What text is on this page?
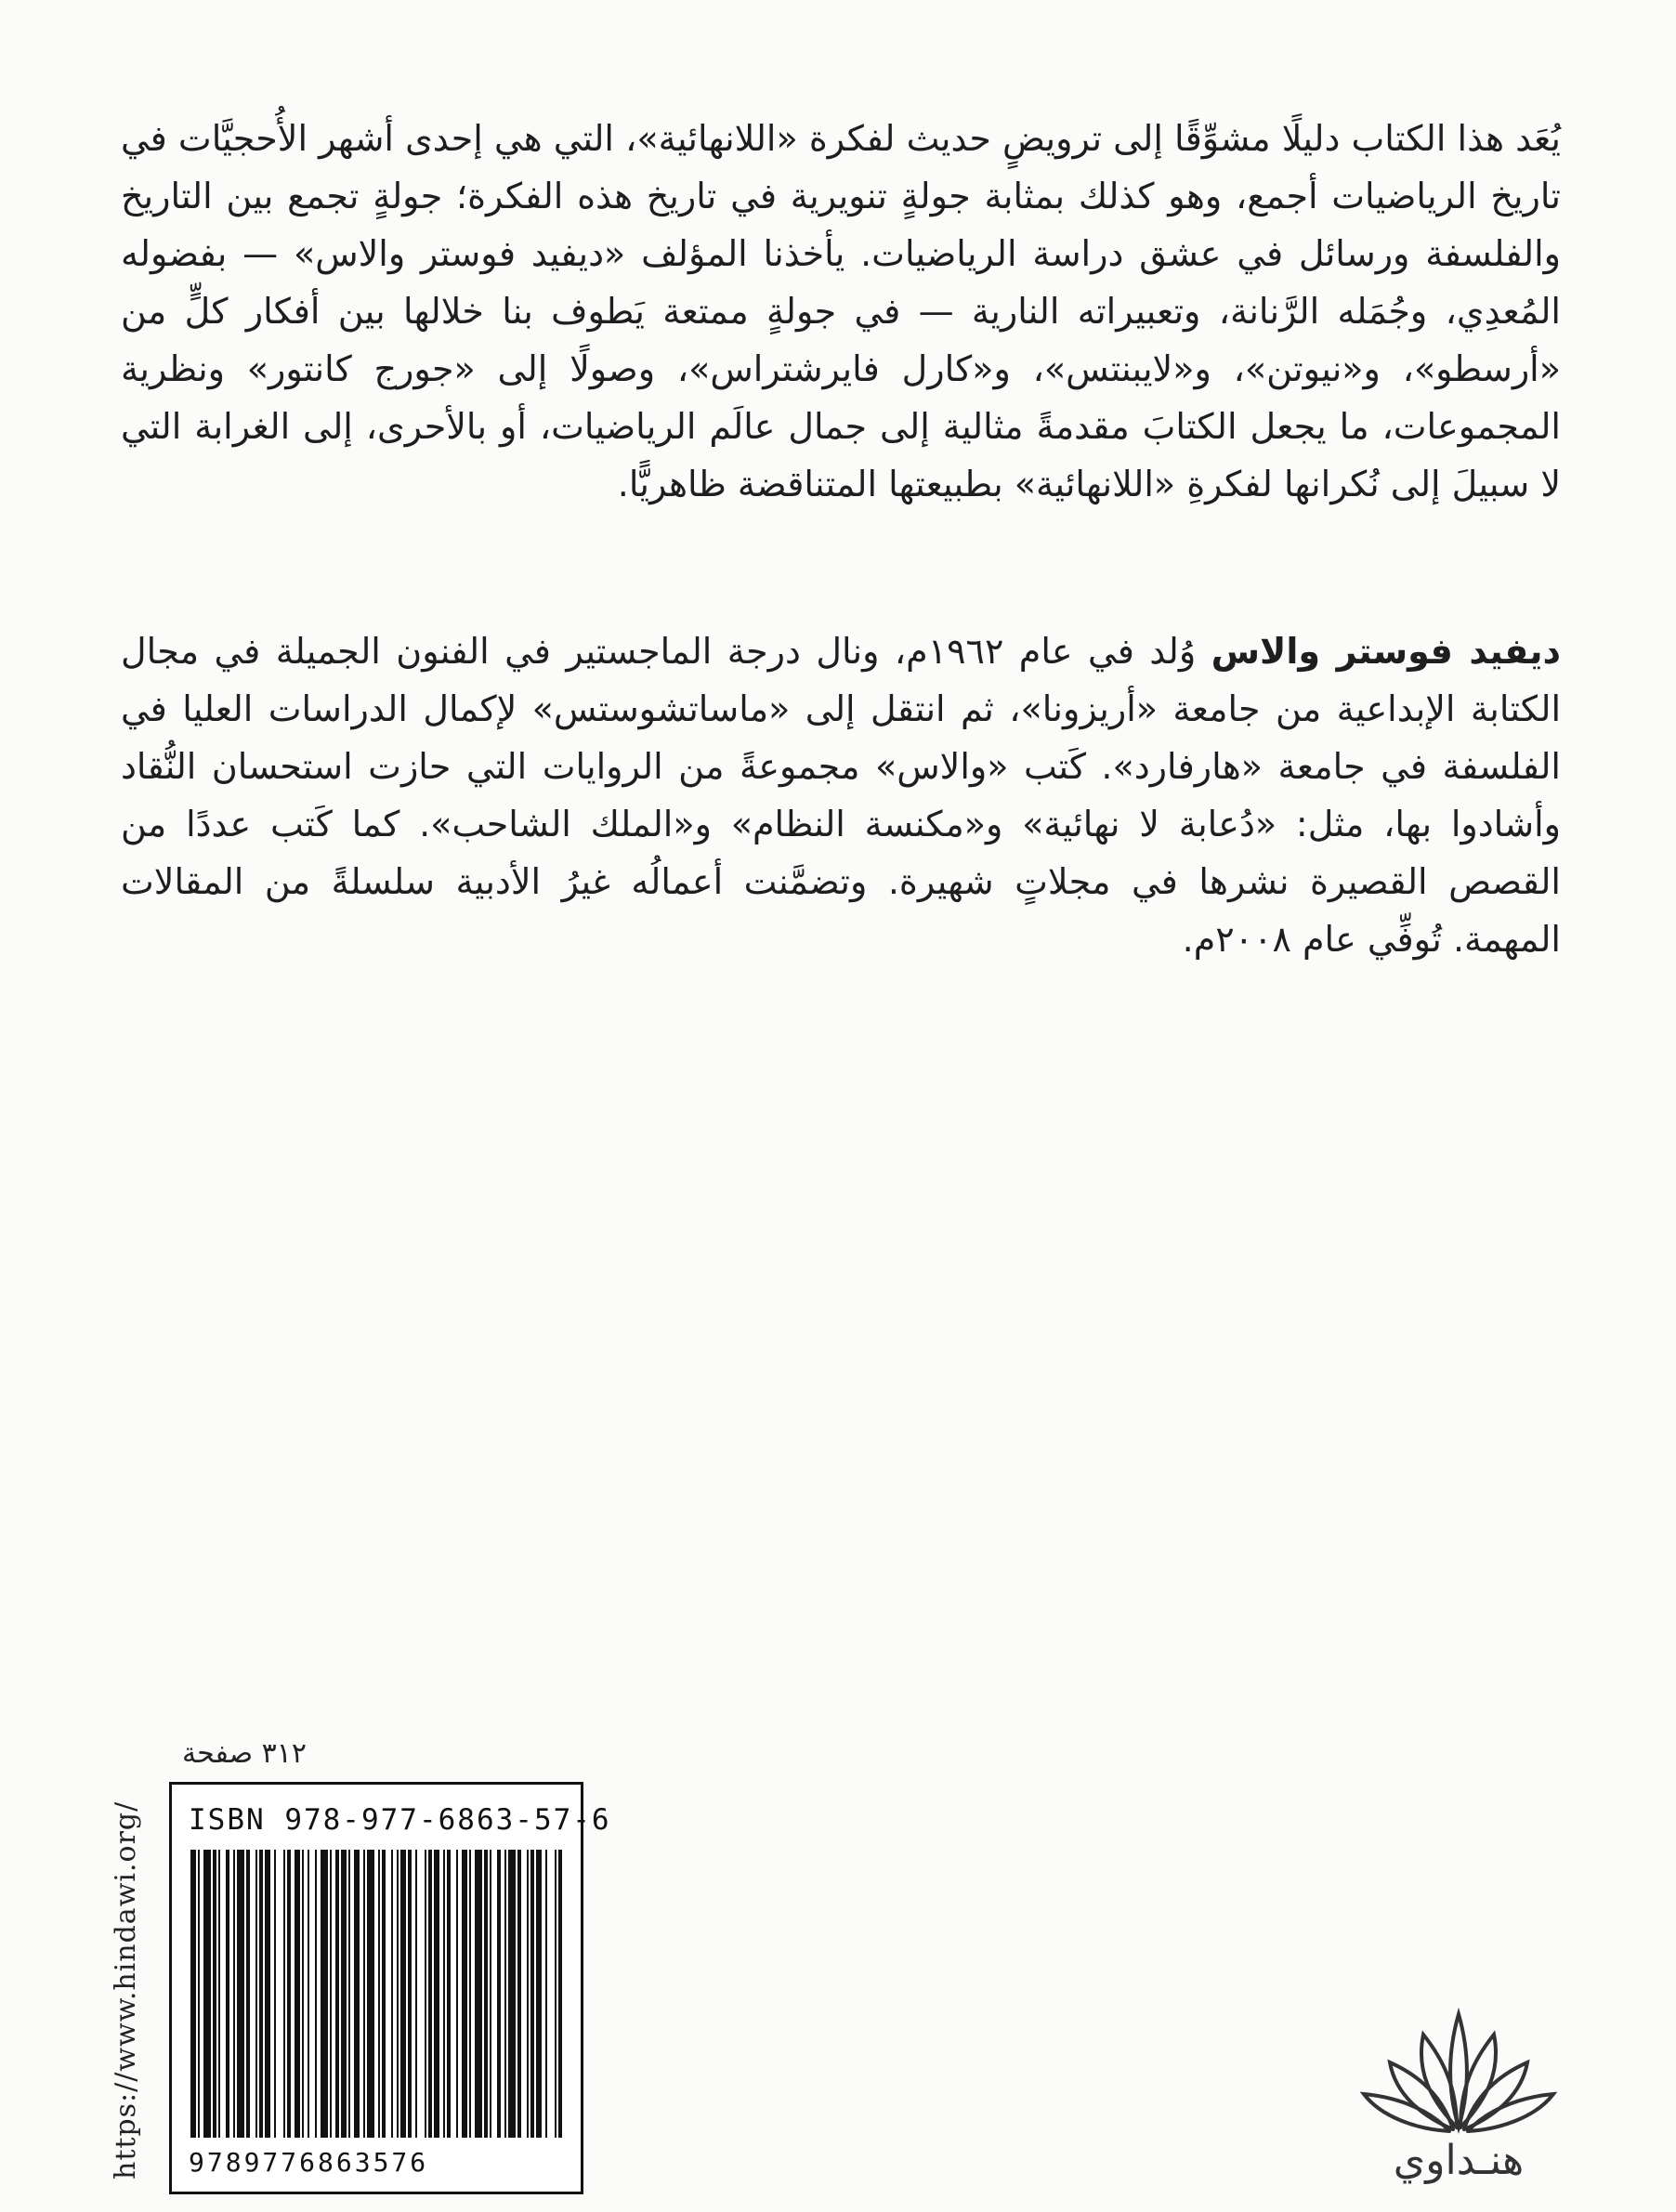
يُعَد هذا الكتاب دليلًا مشوِّقًا إلى ترويضٍ حديث لفكرة «اللانهائية»، التي هي إحدى أشهر الأُحجيَّات في تاريخ الرياضيات أجمع، وهو كذلك بمثابة جولةٍ تنويرية في تاريخ هذه الفكرة؛ جولةٍ تجمع بين التاريخ والفلسفة ورسائل في عشق دراسة الرياضيات. يأخذنا المؤلف «ديفيد فوستر والاس» — بفضوله المُعدِي، وجُمَله الرَّنانة، وتعبيراته النارية — في جولةٍ ممتعة يَطوف بنا خلالها بين أفكار كلٍّ من «أرسطو»، و«نيوتن»، و«لايبنتس»، و«كارل فايرشتراس»، وصولًا إلى «جورج كانتور» ونظرية المجموعات، ما يجعل الكتابَ مقدمةً مثالية إلى جمال عالَم الرياضيات، أو بالأحرى، إلى الغرابة التي لا سبيلَ إلى نُكرانها لفكرةِ «اللانهائية» بطبيعتها المتناقضة ظاهريًّا.

ديفيد فوستر والاس وُلد في عام ١٩٦٢م، ونال درجة الماجستير في الفنون الجميلة في مجال الكتابة الإبداعية من جامعة «أريزونا»، ثم انتقل إلى «ماساتشوستس» لإكمال الدراسات العليا في الفلسفة في جامعة «هارفارد». كَتب «والاس» مجموعةً من الروايات التي حازت استحسان النُّقاد وأشادوا بها، مثل: «دُعابة لا نهائية» و«مكنسة النظام» و«الملك الشاحب». كما كَتب عددًا من القصص القصيرة نشرها في مجلاتٍ شهيرة. وتضمَّنت أعمالُه غيرُ الأدبية سلسلةً من المقالات المهمة. تُوفِّي عام ٢٠٠٨م.

https://www.hindawi.org/
٣١٢ صفحة
ISBN 978-977-6863-57-6
9789776863576	هنـداوي
